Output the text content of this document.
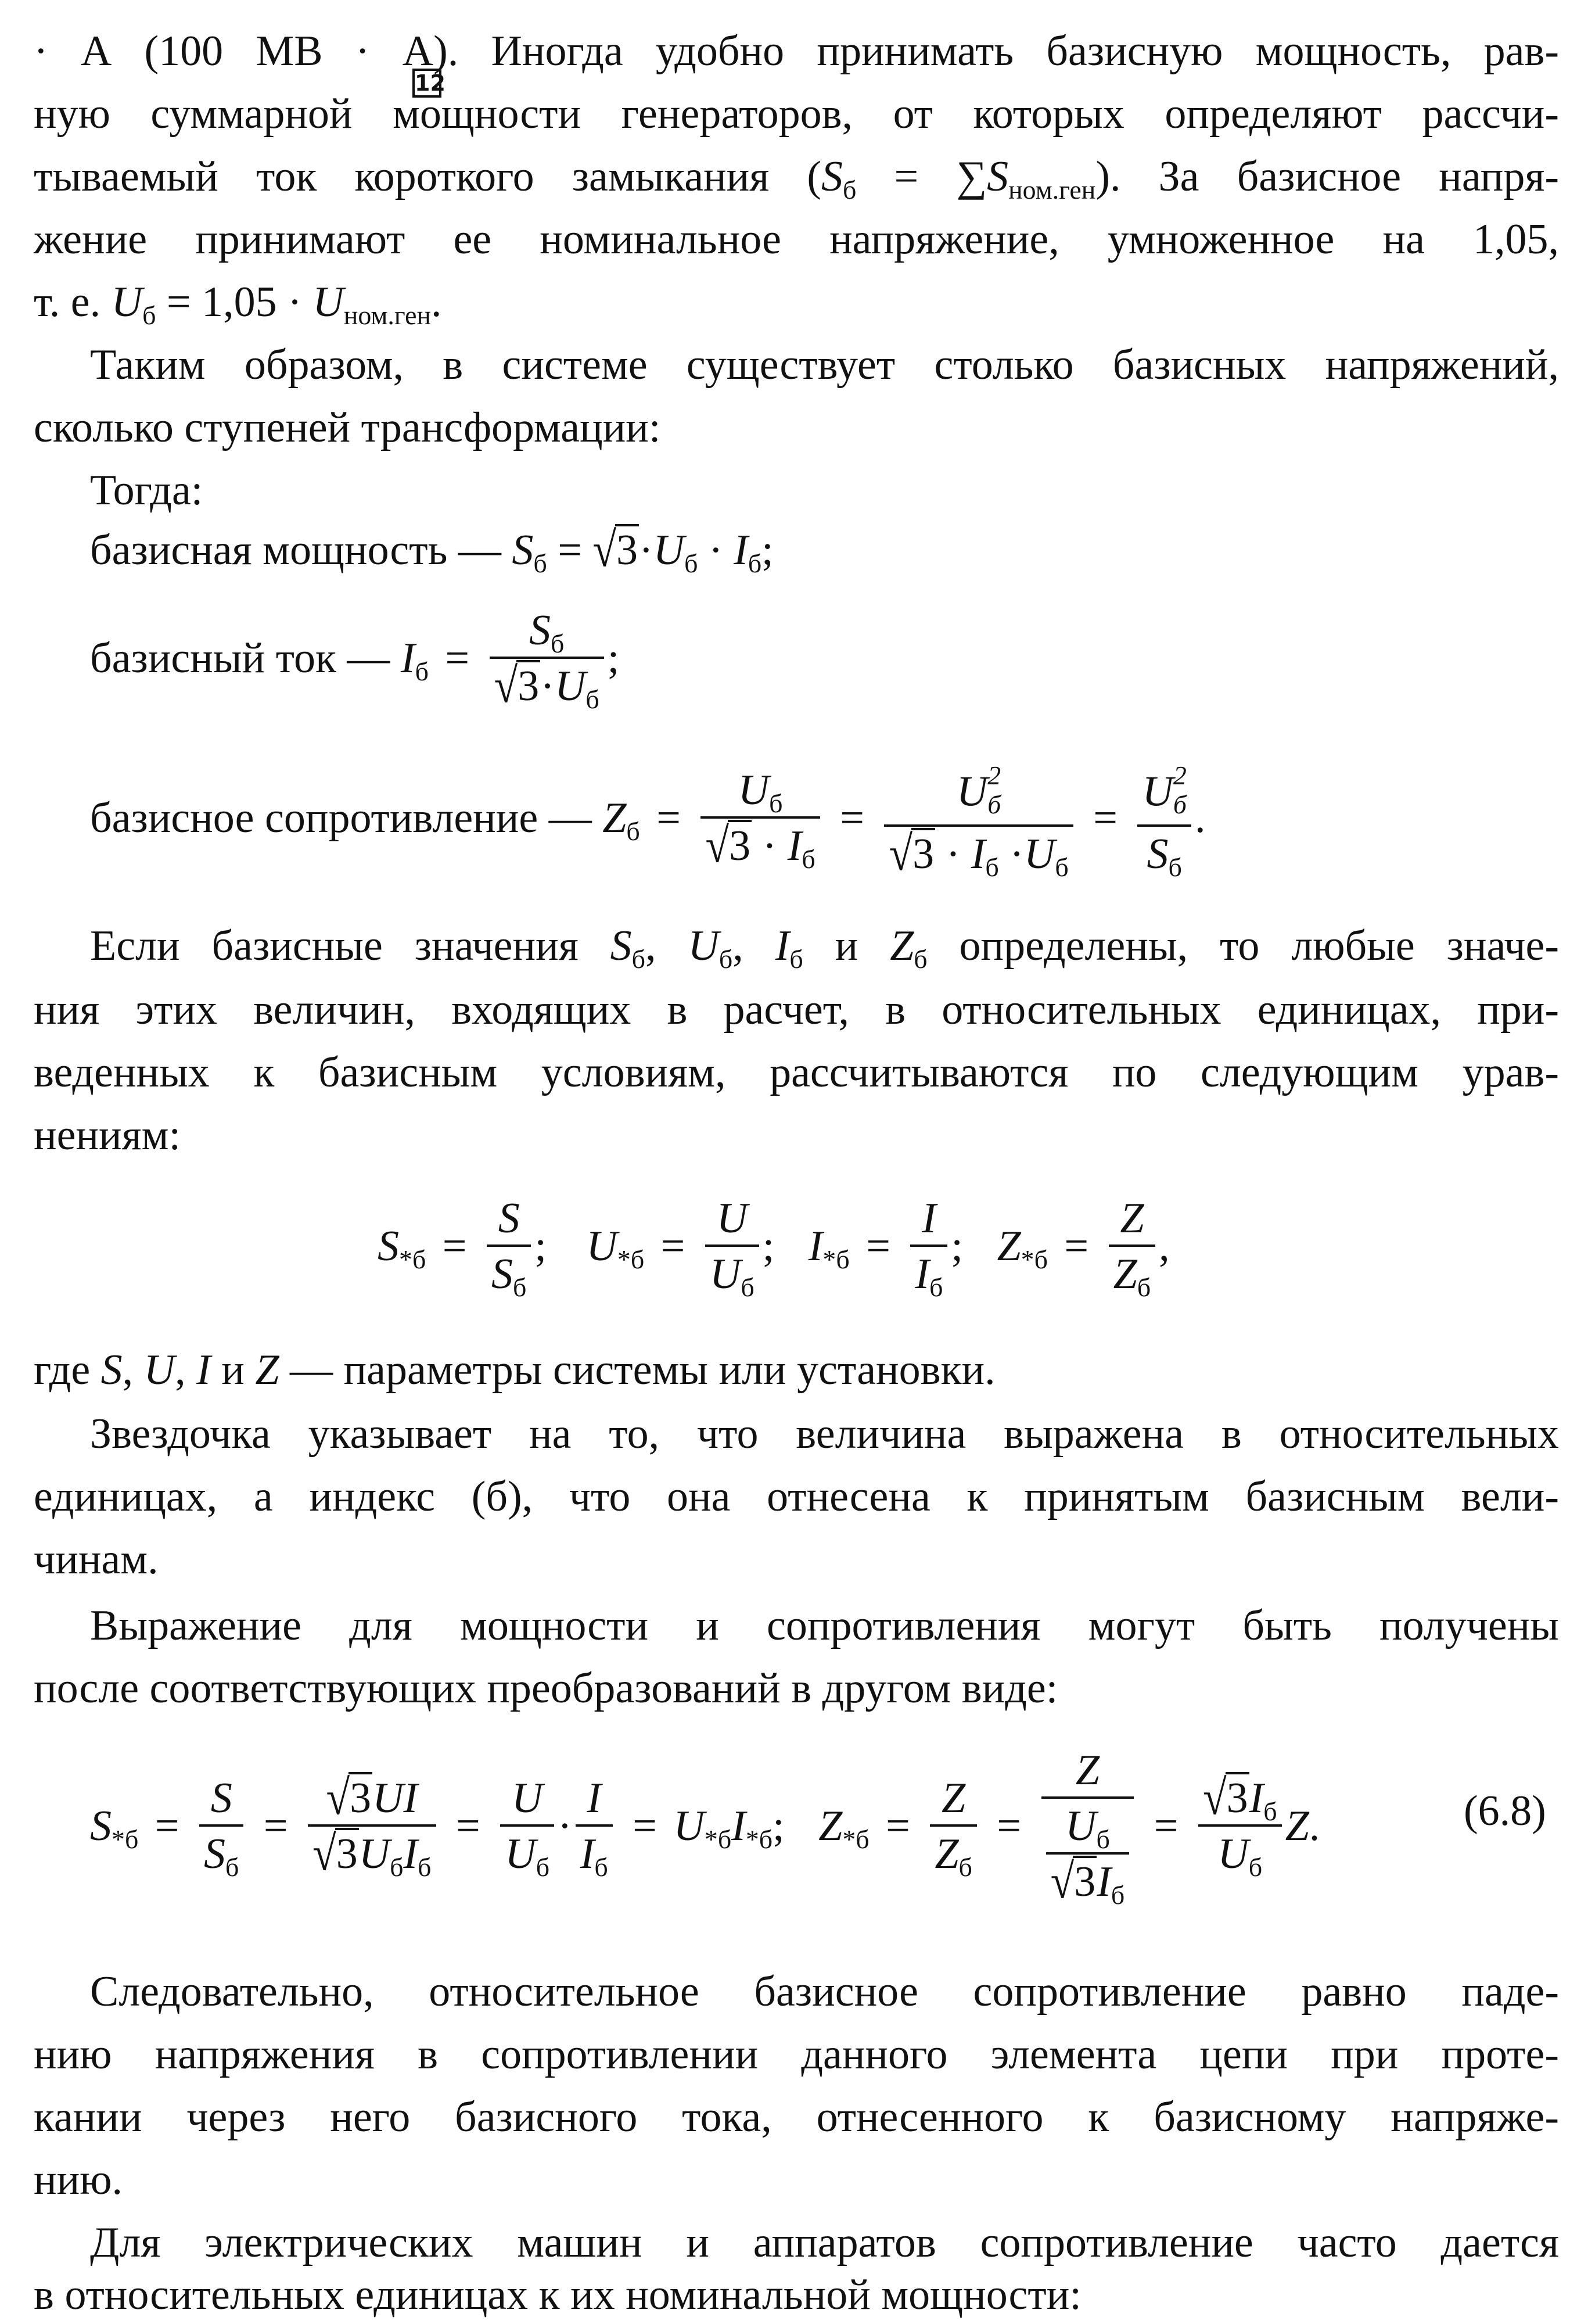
· А (100 МВ · А). Иногда удобно принимать базисную мощность, рав-
12
ную суммарной мощности генераторов, от которых определяют рассчи-
тываемый ток короткого замыкания (Sб = ∑Sном.ген). За базисное напря-
жение принимают ее номинальное напряжение, умноженное на 1,05,
т. е. Uб = 1,05 · Uном.ген.
Таким образом, в системе существует столько базисных напряжений,
сколько ступеней трансформации:
Тогда:
базисная мощность — Sб = √3·Uб · Iб;
базисный ток — Iб = $\frac{Sб}{√3\cdot Uб}$ ;
базисное сопротивление — Zб = $\frac{Uб}{√3 \cdot Iб} = U$ 2
б
√3 · Iб ·Uб = U 2
б
Sб .
Если базисные значения Sб, Uб, Iб и Zб определены, то любые значе-
ния этих величин, входящих в расчет, в относительных единицах, при-
веденных к базисным условиям, рассчитываются по следующим урав-
нениям:
$S*б = \frac{S}{Sб}$ ; $U*б = \frac{U}{Uб}$ ; $I*б = \frac{I}{Iб}$ ; $Z*б = \frac{Z}{Zб}$ ,
где S, U, I и Z — параметры системы или установки.
Звездочка указывает на то, что величина выражена в относительных
единицах, а индекс (б), что она отнесена к принятым базисным вели-
чинам.
Выражение для мощности и сопротивления могут быть получены
после соответствующих преобразований в другом виде:
$S*б = \frac{S}{Sб} = \frac{√3UI}{\text{√3UбIб}} = \frac{U}{Uб} \cdot \frac{I}{Iб} = U*бI*б$; $Z*б = \frac{Z}{Zб} = \frac{Z}{\frac{Uб}{√3Iб}} = \frac{√3Iб}{Uб} Z$.	(6.8)
Следовательно, относительное базисное сопротивление равно паде-
нию напряжения в сопротивлении данного элемента цепи при проте-
кании через него базисного тока, отнесенного к базисному напряже-
нию.
Для электрических машин и аппаратов сопротивление часто дается
в относительных единицах к их номинальной мощности:
